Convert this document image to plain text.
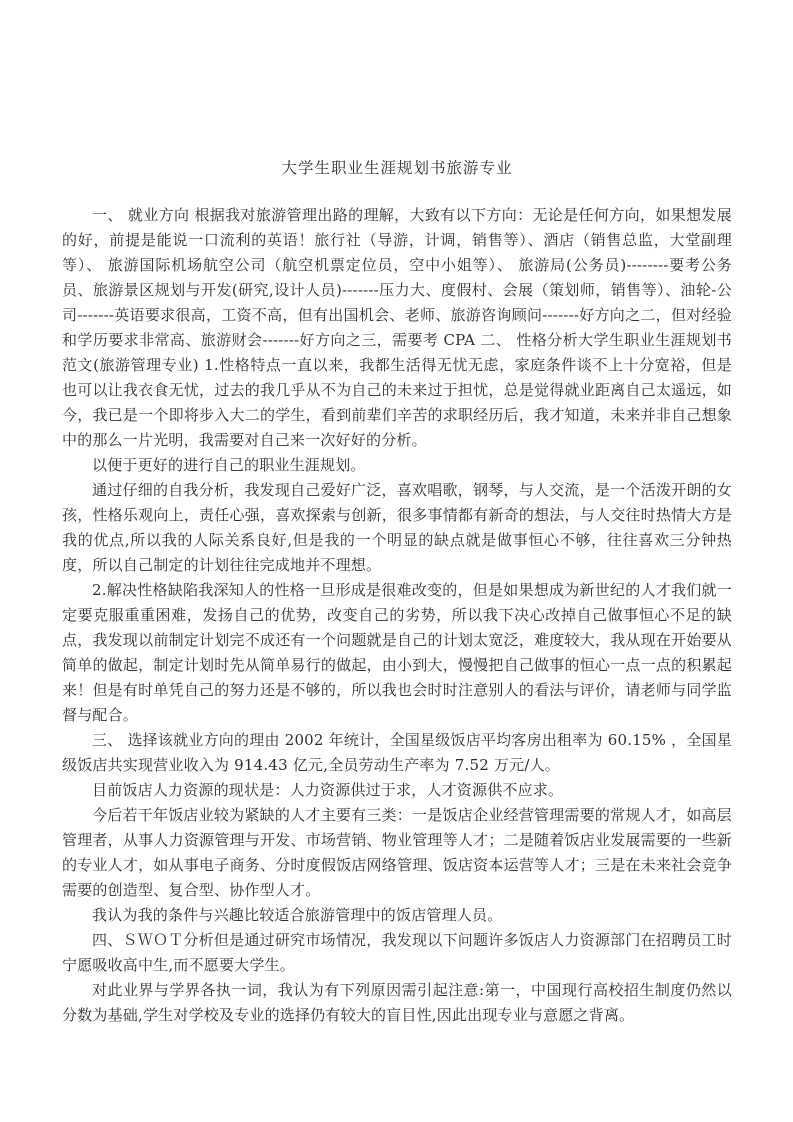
大学生职业生涯规划书旅游专业

一、 就业方向 根据我对旅游管理出路的理解，大致有以下方向：无论是任何方向，如果想发展的好，前提是能说一口流利的英语！旅行社（导游，计调，销售等）、酒店（销售总监，大堂副理等）、 旅游国际机场航空公司（航空机票定位员，空中小姐等）、 旅游局(公务员)--------要考公务员、旅游景区规划与开发(研究,设计人员)-------压力大、度假村、会展（策划师，销售等）、油轮-公司-------英语要求很高，工资不高，但有出国机会、老师、旅游咨询顾问-------好方向之二，但对经验和学历要求非常高、旅游财会-------好方向之三，需要考 CPA 二、 性格分析大学生职业生涯规划书范文(旅游管理专业) 1.性格特点一直以来，我都生活得无忧无虑，家庭条件谈不上十分宽裕，但是也可以让我衣食无忧，过去的我几乎从不为自己的未来过于担忧，总是觉得就业距离自己太遥远，如今，我已是一个即将步入大二的学生，看到前辈们辛苦的求职经历后，我才知道，未来并非自己想象中的那么一片光明，我需要对自己来一次好好的分析。

以便于更好的进行自己的职业生涯规划。

通过仔细的自我分析，我发现自己爱好广泛，喜欢唱歌，钢琴，与人交流，是一个活泼开朗的女孩，性格乐观向上，责任心强，喜欢探索与创新，很多事情都有新奇的想法，与人交往时热情大方是我的优点,所以我的人际关系良好,但是我的一个明显的缺点就是做事恒心不够，往往喜欢三分钟热度，所以自己制定的计划往往完成地并不理想。

2.解决性格缺陷我深知人的性格一旦形成是很难改变的，但是如果想成为新世纪的人才我们就一定要克服重重困难，发扬自己的优势，改变自己的劣势，所以我下决心改掉自己做事恒心不足的缺点，我发现以前制定计划完不成还有一个问题就是自己的计划太宽泛，难度较大，我从现在开始要从简单的做起，制定计划时先从简单易行的做起，由小到大，慢慢把自己做事的恒心一点一点的积累起来！但是有时单凭自己的努力还是不够的，所以我也会时时注意别人的看法与评价，请老师与同学监督与配合。

三、 选择该就业方向的理由 2002 年统计，全国星级饭店平均客房出租率为 60.15% ，全国星级饭店共实现营业收入为 914.43 亿元,全员劳动生产率为 7.52 万元/人。

目前饭店人力资源的现状是：人力资源供过于求，人才资源供不应求。

今后若干年饭店业较为紧缺的人才主要有三类：一是饭店企业经营管理需要的常规人才，如高层管理者，从事人力资源管理与开发、市场营销、物业管理等人才；二是随着饭店业发展需要的一些新的专业人才，如从事电子商务、分时度假饭店网络管理、饭店资本运营等人才；三是在未来社会竞争需要的创造型、复合型、协作型人才。

我认为我的条件与兴趣比较适合旅游管理中的饭店管理人员。

四、ＳＷＯＴ分析但是通过研究市场情况，我发现以下问题许多饭店人力资源部门在招聘员工时宁愿吸收高中生,而不愿要大学生。

对此业界与学界各执一词，我认为有下列原因需引起注意:第一，中国现行高校招生制度仍然以分数为基础,学生对学校及专业的选择仍有较大的盲目性,因此出现专业与意愿之背离。
